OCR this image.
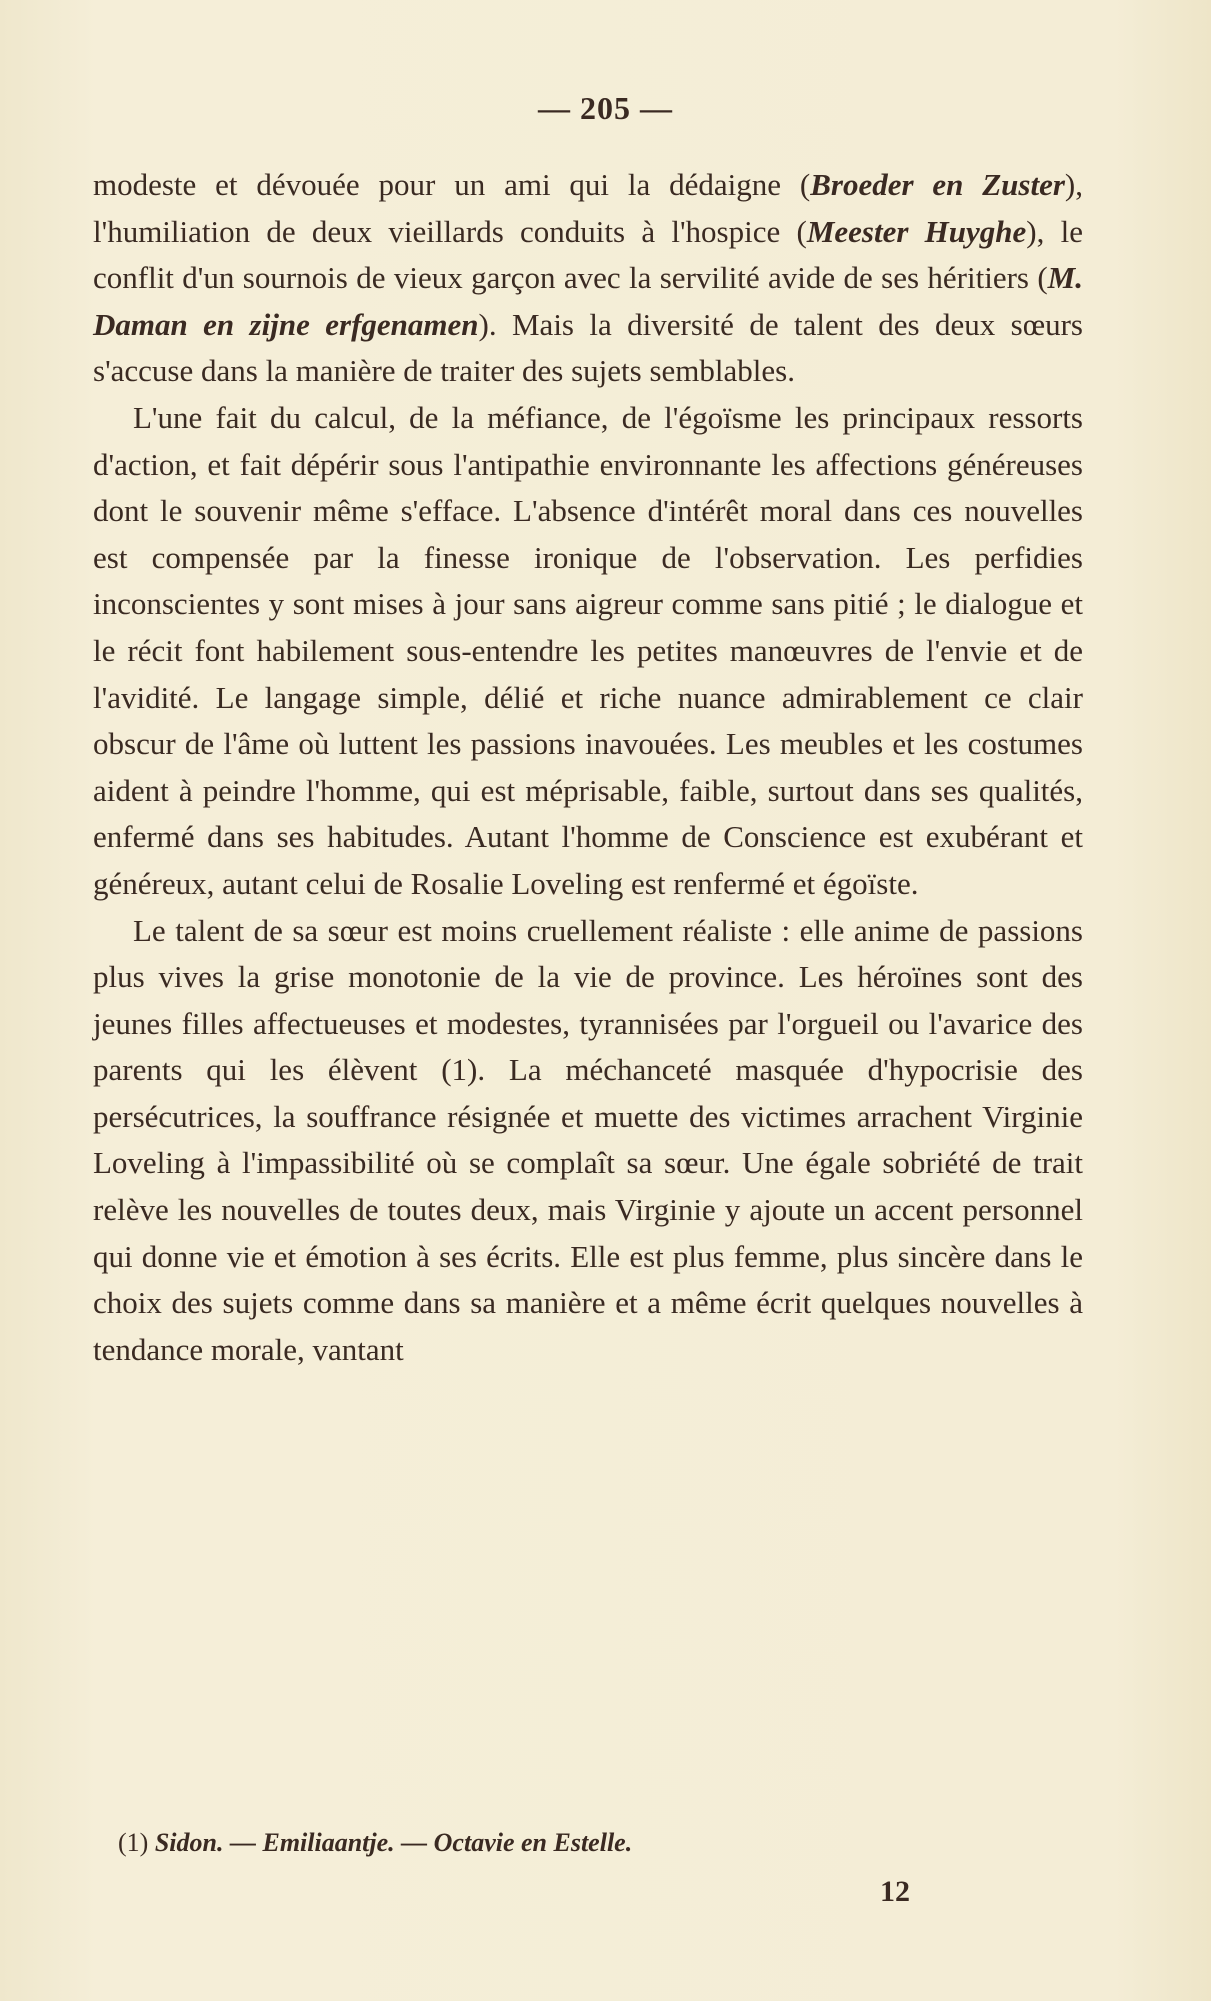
— 205 —

modeste et dévouée pour un ami qui la dédaigne (Broeder en Zuster), l'humiliation de deux vieillards conduits à l'hospice (Meester Huyghe), le conflit d'un sournois de vieux garçon avec la servilité avide de ses héritiers (M. Daman en zijne erfgenamen). Mais la diversité de talent des deux sœurs s'accuse dans la manière de traiter des sujets semblables.

L'une fait du calcul, de la méfiance, de l'égoïsme les principaux ressorts d'action, et fait dépérir sous l'antipathie environnante les affections généreuses dont le souvenir même s'efface. L'absence d'intérêt moral dans ces nouvelles est compensée par la finesse ironique de l'observation. Les perfidies inconscientes y sont mises à jour sans aigreur comme sans pitié ; le dialogue et le récit font habilement sous-entendre les petites manœuvres de l'envie et de l'avidité. Le langage simple, délié et riche nuance admirablement ce clair obscur de l'âme où luttent les passions inavouées. Les meubles et les costumes aident à peindre l'homme, qui est méprisable, faible, surtout dans ses qualités, enfermé dans ses habitudes. Autant l'homme de Conscience est exubérant et généreux, autant celui de Rosalie Loveling est renfermé et égoïste.

Le talent de sa sœur est moins cruellement réaliste : elle anime de passions plus vives la grise monotonie de la vie de province. Les héroïnes sont des jeunes filles affectueuses et modestes, tyrannisées par l'orgueil ou l'avarice des parents qui les élèvent (1). La méchanceté masquée d'hypocrisie des persécutrices, la souffrance résignée et muette des victimes arrachent Virginie Loveling à l'impassibilité où se complaît sa sœur. Une égale sobriété de trait relève les nouvelles de toutes deux, mais Virginie y ajoute un accent personnel qui donne vie et émotion à ses écrits. Elle est plus femme, plus sincère dans le choix des sujets comme dans sa manière et a même écrit quelques nouvelles à tendance morale, vantant

(1) Sidon. — Emiliaantje. — Octavie en Estelle.
12
